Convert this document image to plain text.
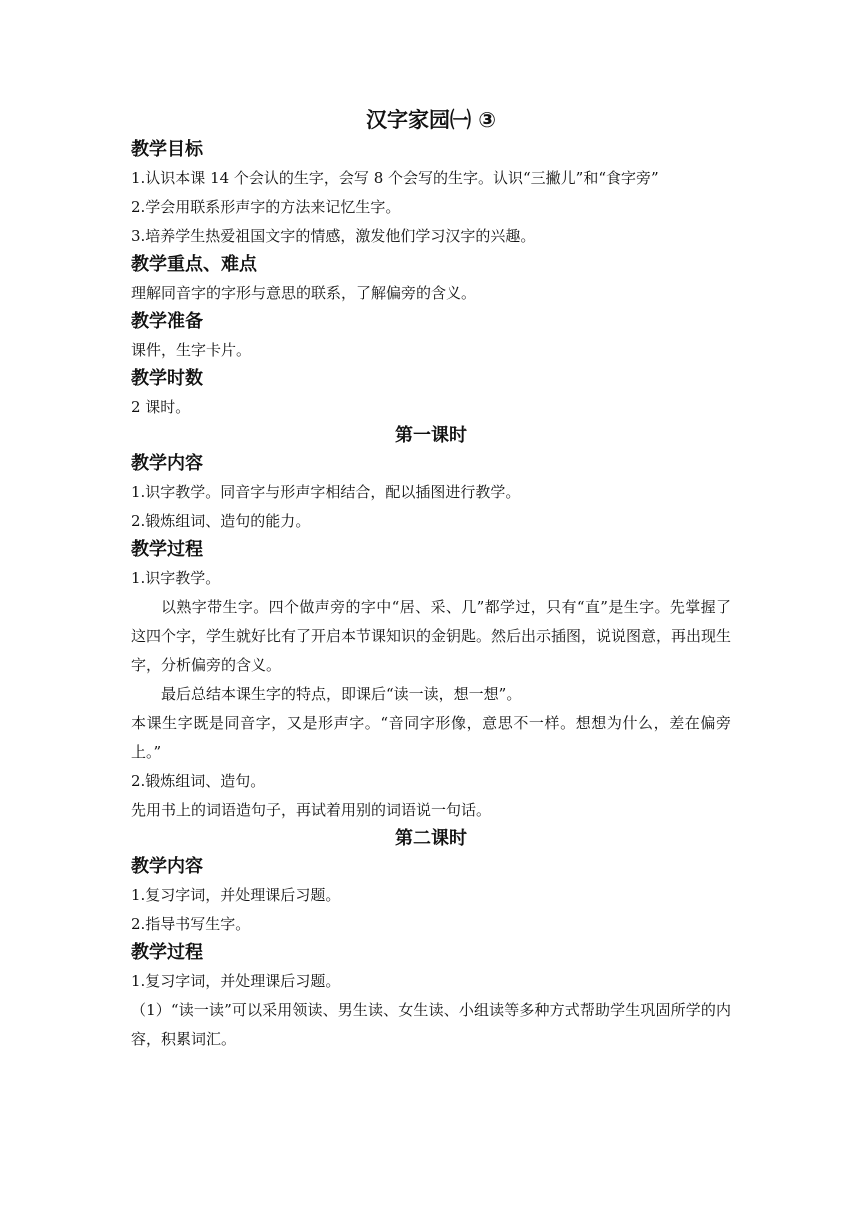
汉字家园㈠ ③
教学目标

1.认识本课 14 个会认的生字，会写 8 个会写的生字。认识“三撇儿”和“食字旁”

2.学会用联系形声字的方法来记忆生字。

3.培养学生热爱祖国文字的情感，激发他们学习汉字的兴趣。

教学重点、难点

理解同音字的字形与意思的联系，了解偏旁的含义。

教学准备

课件，生字卡片。

教学时数

2 课时。

第一课时
教学内容

1.识字教学。同音字与形声字相结合，配以插图进行教学。

2.锻炼组词、造句的能力。

教学过程

1.识字教学。

以熟字带生字。四个做声旁的字中“居、采、几”都学过，只有“直”是生字。先掌握了这四个字，学生就好比有了开启本节课知识的金钥匙。然后出示插图，说说图意，再出现生字，分析偏旁的含义。

最后总结本课生字的特点，即课后“读一读，想一想”。

本课生字既是同音字，又是形声字。“音同字形像，意思不一样。想想为什么，差在偏旁上。”

2.锻炼组词、造句。

先用书上的词语造句子，再试着用别的词语说一句话。

第二课时
教学内容

1.复习字词，并处理课后习题。

2.指导书写生字。

教学过程

1.复习字词，并处理课后习题。

（1）“读一读”可以采用领读、男生读、女生读、小组读等多种方式帮助学生巩固所学的内容，积累词汇。
